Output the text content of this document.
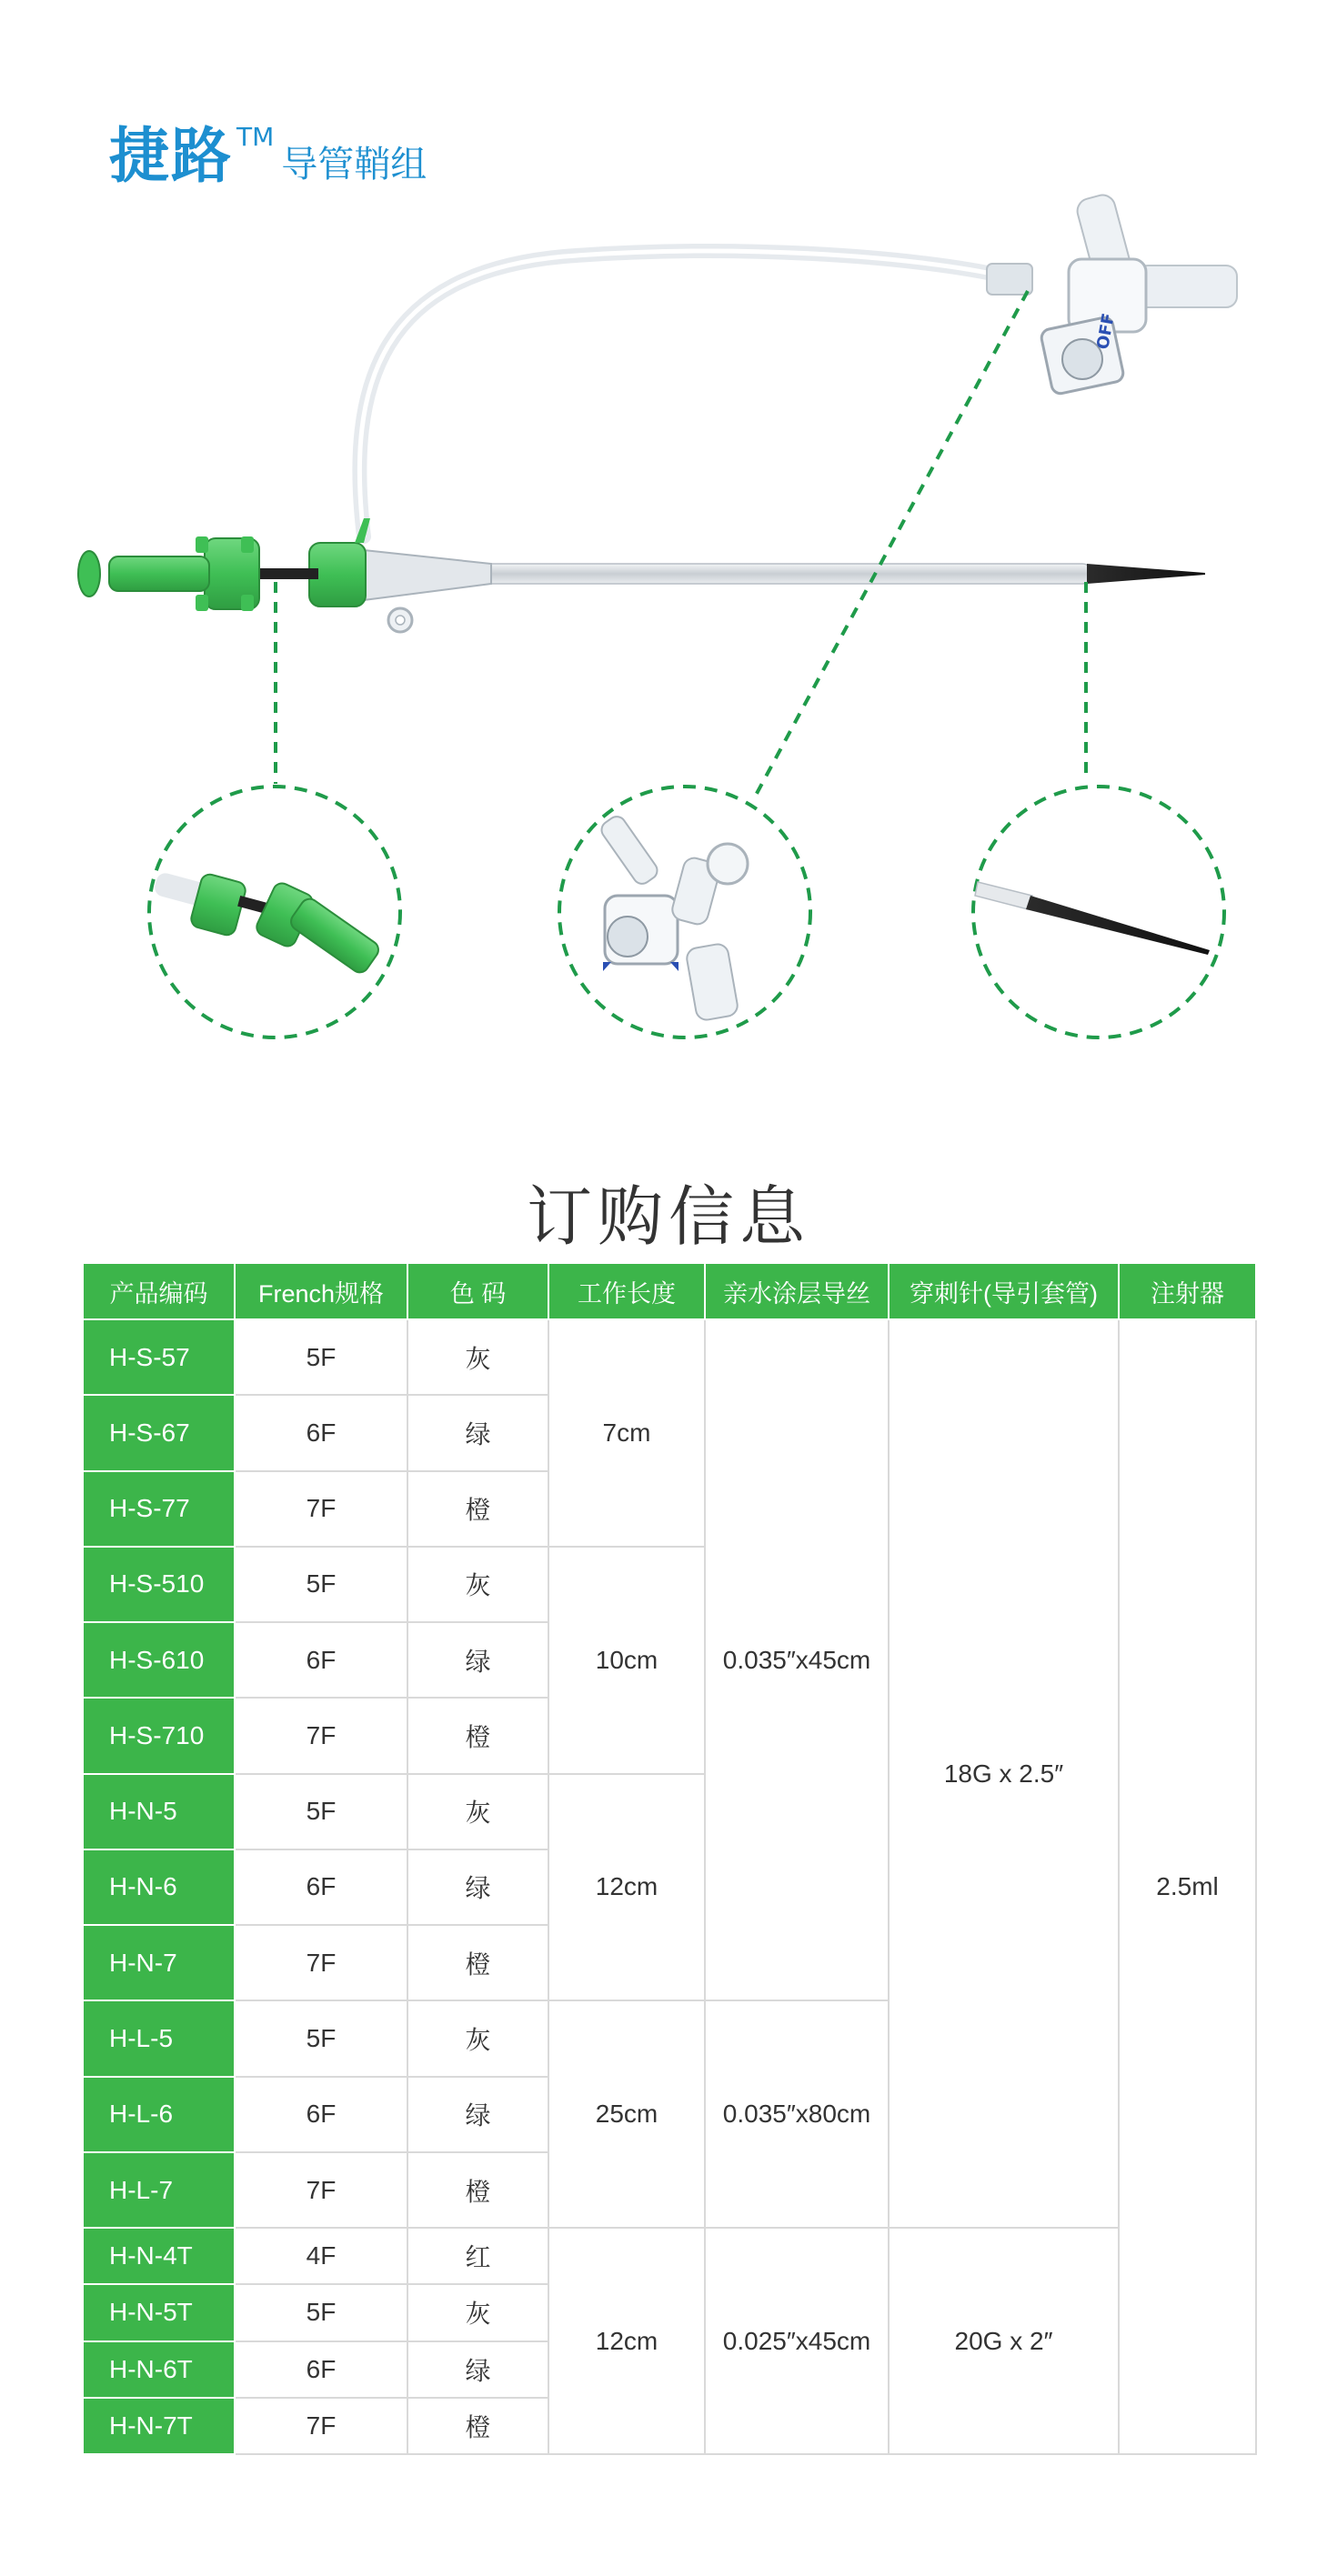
捷路 TM导管鞘组
OFF
订购信息
产品编码	French规格	色 码	工作长度	亲水涂层导丝	穿刺针(导引套管)	注射器
H-S-57	5F	灰	7cm	0.035″x45cm	18G x 2.5″	2.5ml
H-S-67	6F	绿				
H-S-77	7F	橙				
H-S-510	5F	灰	10cm			
H-S-610	6F	绿				
H-S-710	7F	橙				
H-N-5	5F	灰	12cm			
H-N-6	6F	绿				
H-N-7	7F	橙				
H-L-5	5F	灰	25cm	0.035″x80cm		
H-L-6	6F	绿				
H-L-7	7F	橙				
H-N-4T	4F	红	12cm	0.025″x45cm	20G x 2″	
H-N-5T	5F	灰				
H-N-6T	6F	绿				
H-N-7T	7F	橙				
